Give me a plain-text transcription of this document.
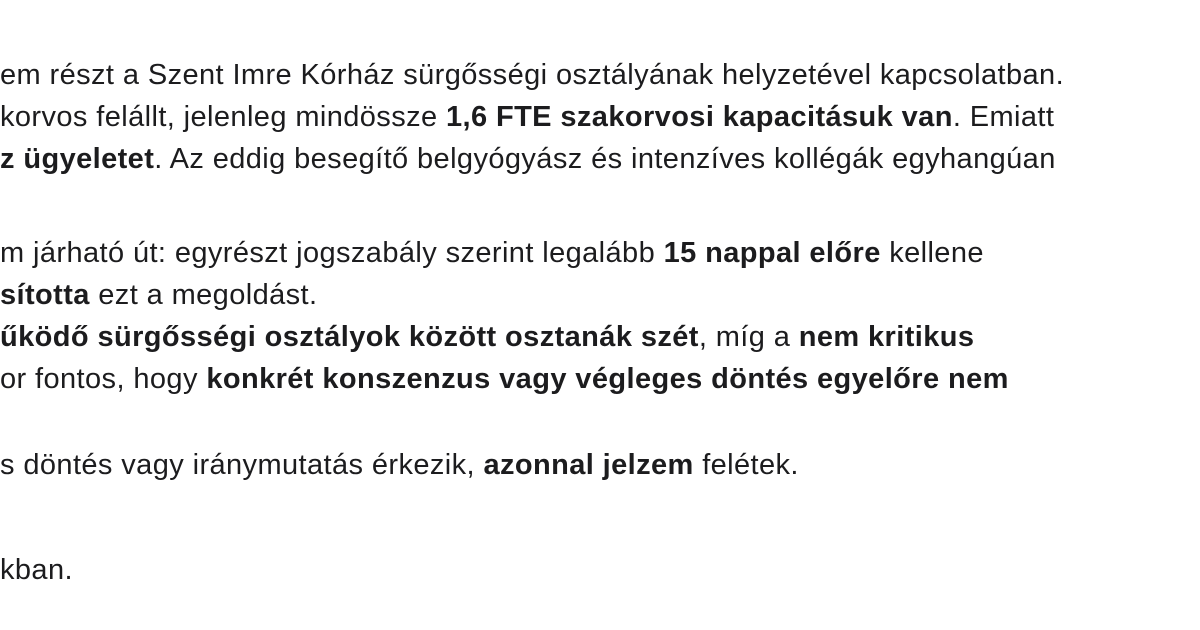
em részt a Szent Imre Kórház sürgősségi osztályának helyzetével kapcsolatban.
korvos felállt, jelenleg mindössze 1,6 FTE szakorvosi kapacitásuk van. Emiatt
z ügyeletet. Az eddig besegítő belgyógyász és intenzíves kollégák egyhangúan
m járható út: egyrészt jogszabály szerint legalább 15 nappal előre kellene
sította ezt a megoldást.
űködő sürgősségi osztályok között osztanák szét, míg a nem kritikus
or fontos, hogy konkrét konszenzus vagy végleges döntés egyelőre nem
s döntés vagy iránymutatás érkezik, azonnal jelzem felétek.
kban.
